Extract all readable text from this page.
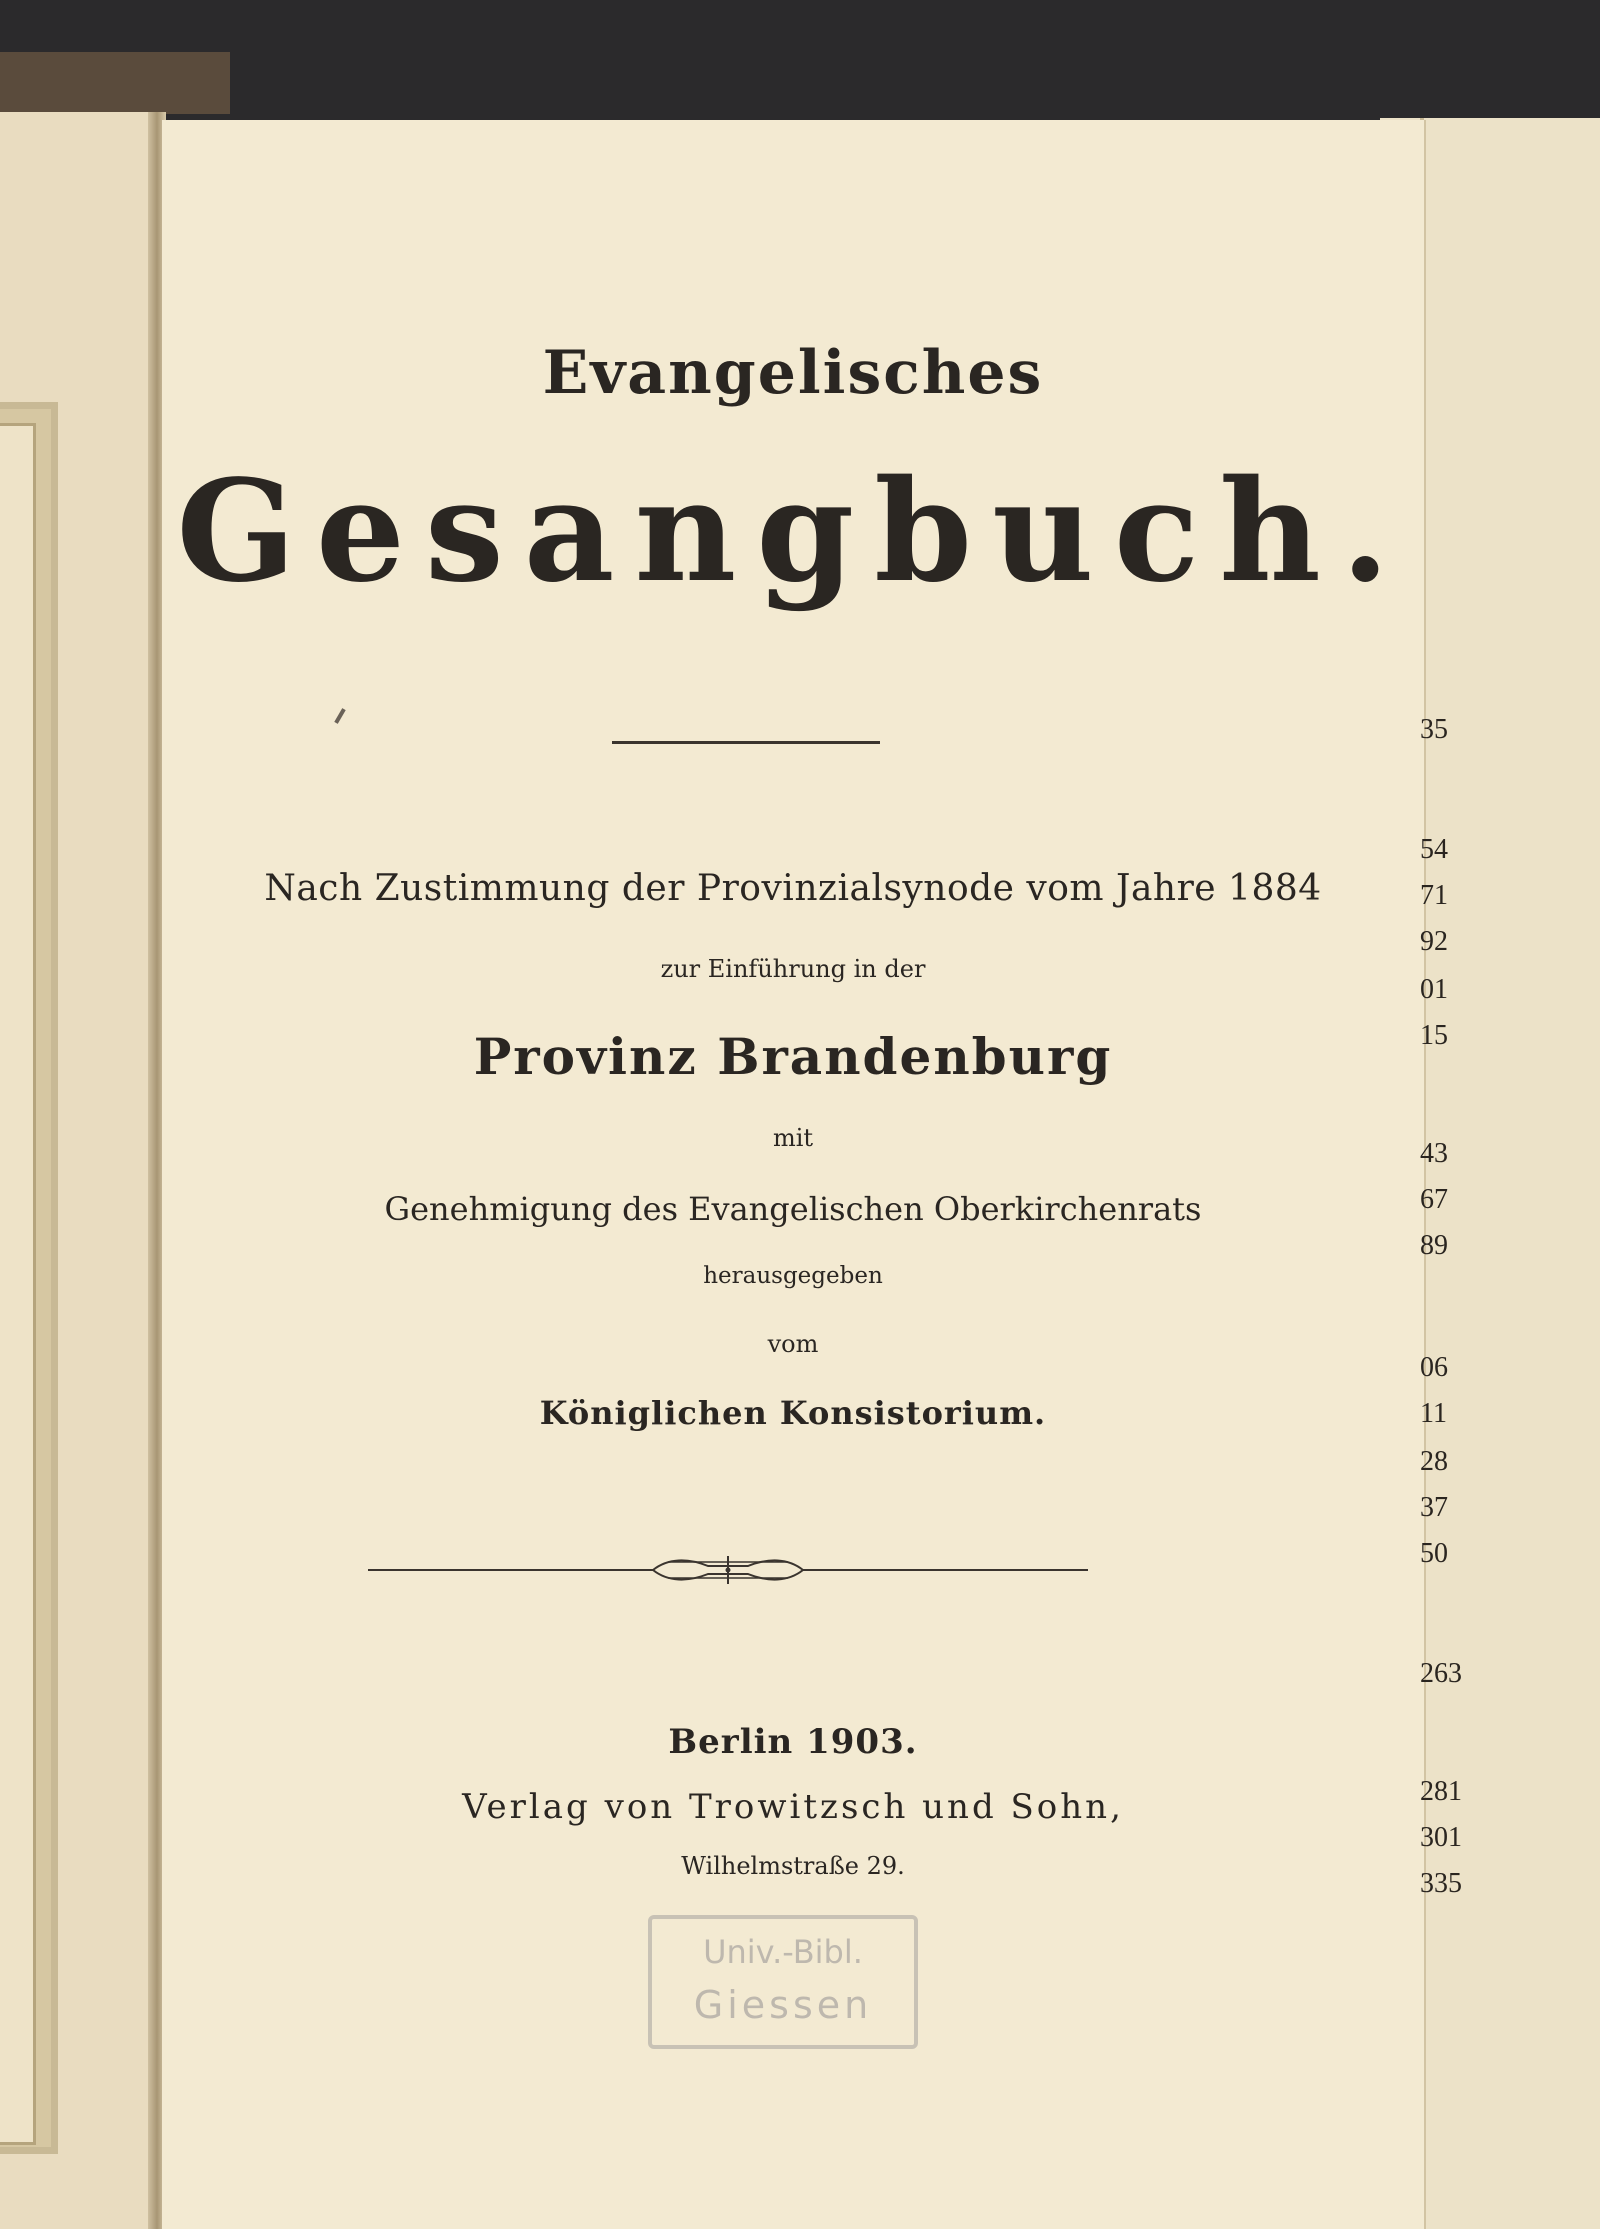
35
54
71
92
01
15
43
67
89
06
11
28
37
50
263
281
301
335
Evangelisches
Gesangbuch.
Nach Zustimmung der Provinzialsynode vom Jahre 1884
zur Einführung in der
Provinz Brandenburg
mit
Genehmigung des Evangelischen Oberkirchenrats
herausgegeben
vom
Königlichen Konsistorium.
Berlin 1903.
Verlag von Trowitzsch und Sohn,
Wilhelmstraße 29.
Univ.-Bibl.
Giessen
